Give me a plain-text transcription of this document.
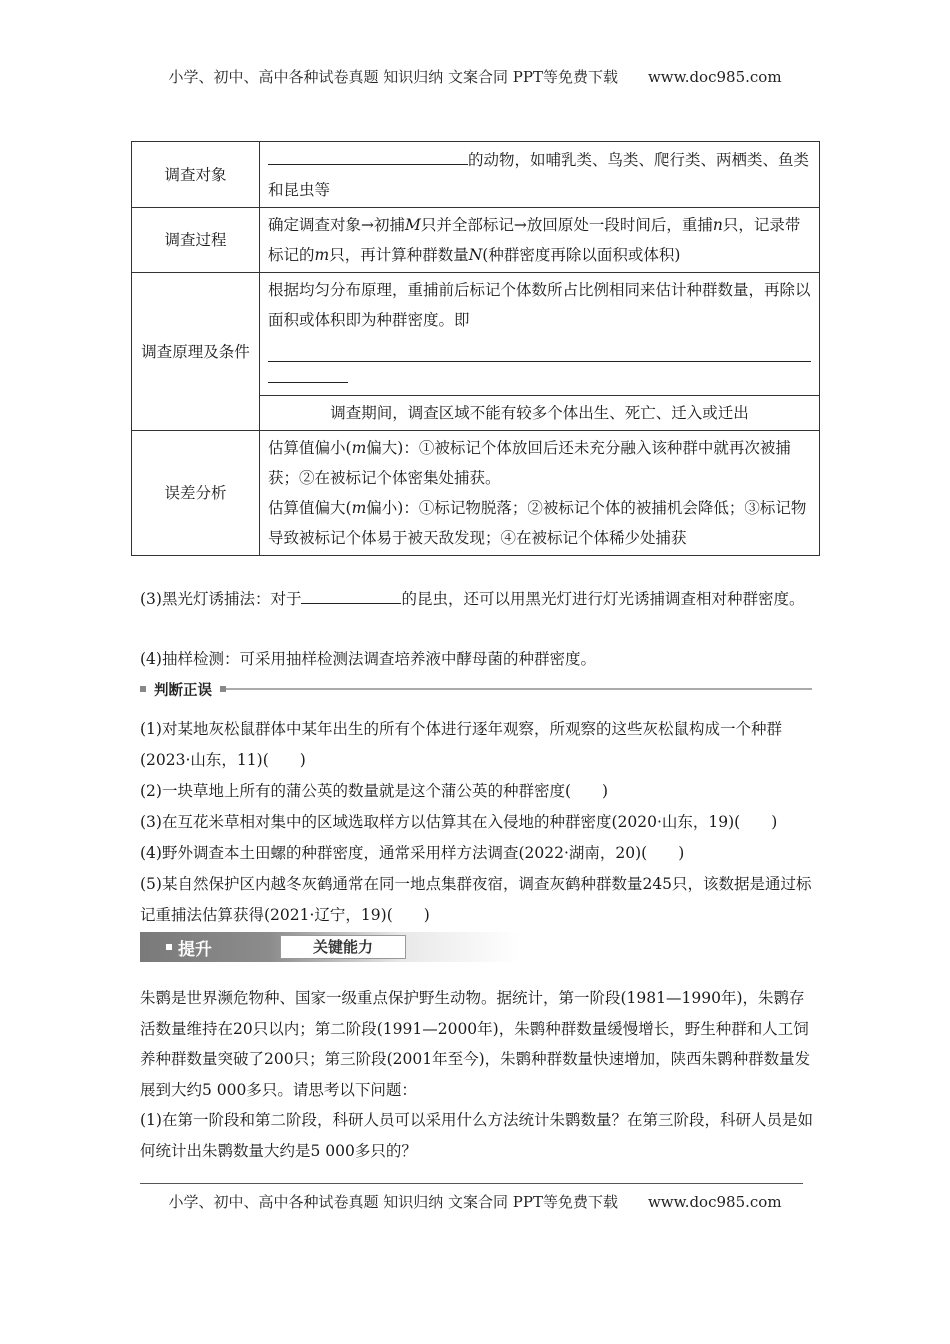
小学、初中、高中各种试卷真题 知识归纳 文案合同 PPT等免费下载 www.doc985.com
调查对象	的动物，如哺乳类、鸟类、爬行类、两栖类、鱼类和昆虫等
调查过程	确定调查对象→初捕M只并全部标记→放回原处一段时间后，重捕n只，记录带标记的m只，再计算种群数量N(种群密度再除以面积或体积)
调查原理及条件	根据均匀分布原理，重捕前后标记个体数所占比例相同来估计种群数量，再除以面积或体积即为种群密度。即

	调查期间，调查区域不能有较多个体出生、死亡、迁入或迁出
误差分析	估算值偏小(m偏大)：①被标记个体放回后还未充分融入该种群中就再次被捕获；②在被标记个体密集处捕获。
估算值偏大(m偏小)：①标记物脱落；②被标记个体的被捕机会降低；③标记物导致被标记个体易于被天敌发现；④在被标记个体稀少处捕获
(3)黑光灯诱捕法：对于	的昆虫，还可以用黑光灯进行灯光诱捕调查相对种群密度。
(4)抽样检测：可采用抽样检测法调查培养液中酵母菌的种群密度。
判断正误

(1)对某地灰松鼠群体中某年出生的所有个体进行逐年观察，所观察的这些灰松鼠构成一个种群(2023·山东，11)(　　)

(2)一块草地上所有的蒲公英的数量就是这个蒲公英的种群密度(　　)

(3)在互花米草相对集中的区域选取样方以估算其在入侵地的种群密度(2020·山东，19)(　　)

(4)野外调查本土田螺的种群密度，通常采用样方法调查(2022·湖南，20)(　　)

(5)某自然保护区内越冬灰鹤通常在同一地点集群夜宿，调查灰鹤种群数量245只，该数据是通过标记重捕法估算获得(2021·辽宁，19)(　　)

提升	关键能力

朱鹮是世界濒危物种、国家一级重点保护野生动物。据统计，第一阶段(1981—1990年)，朱鹮存活数量维持在20只以内；第二阶段(1991—2000年)，朱鹮种群数量缓慢增长，野生种群和人工饲养种群数量突破了200只；第三阶段(2001年至今)，朱鹮种群数量快速增加，陕西朱鹮种群数量发展到大约5 000多只。请思考以下问题：

(1)在第一阶段和第二阶段，科研人员可以采用什么方法统计朱鹮数量？在第三阶段，科研人员是如何统计出朱鹮数量大约是5 000多只的？

小学、初中、高中各种试卷真题 知识归纳 文案合同 PPT等免费下载 www.doc985.com
